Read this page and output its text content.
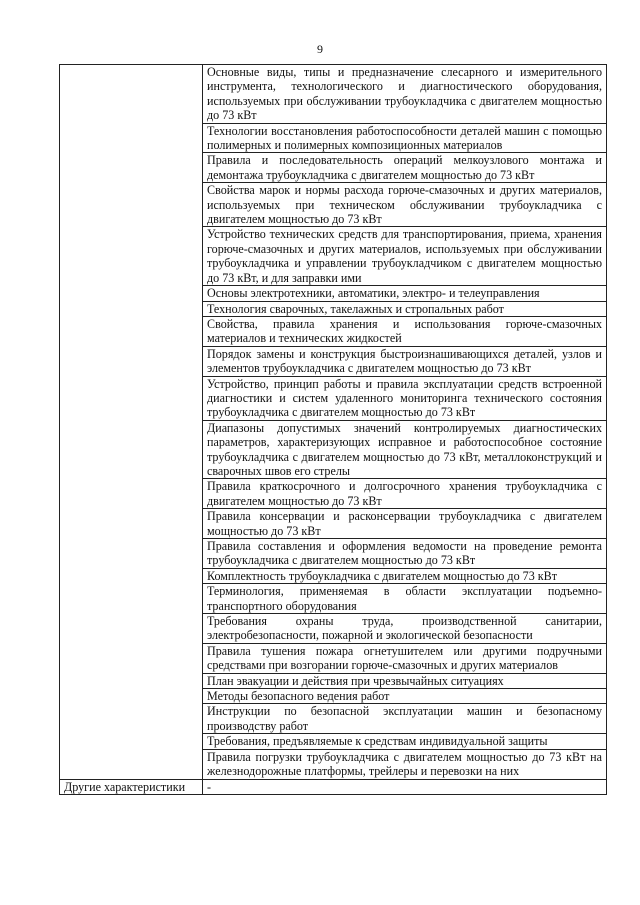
9

	Основные виды, типы и предназначение слесарного и измерительного инструмента, технологического и диагностического оборудования, используемых при обслуживании трубоукладчика с двигателем мощностью до 73 кВт

	Технологии восстановления работоспособности деталей машин с помощью полимерных и полимерных композиционных материалов

	Правила и последовательность операций мелкоузлового монтажа и демонтажа трубоукладчика с двигателем мощностью до 73 кВт

	Свойства марок и нормы расхода горюче-смазочных и других материалов, используемых при техническом обслуживании трубоукладчика с двигателем мощностью до 73 кВт

	Устройство технических средств для транспортирования, приема, хранения горюче-смазочных и других материалов, используемых при обслуживании трубоукладчика и управлении трубоукладчиком с двигателем мощностью до 73 кВт, и для заправки ими

	Основы электротехники, автоматики, электро- и телеуправления

	Технология сварочных, такелажных и стропальных работ

	Свойства, правила хранения и использования горюче-смазочных материалов и технических жидкостей

	Порядок замены и конструкция быстроизнашивающихся деталей, узлов и элементов трубоукладчика с двигателем мощностью до 73 кВт

	Устройство, принцип работы и правила эксплуатации средств встроенной диагностики и систем удаленного мониторинга технического состояния трубоукладчика с двигателем мощностью до 73 кВт

	Диапазоны допустимых значений контролируемых диагностических параметров, характеризующих исправное и работоспособное состояние трубоукладчика с двигателем мощностью до 73 кВт, металлоконструкций и сварочных швов его стрелы

	Правила краткосрочного и долгосрочного хранения трубоукладчика с двигателем мощностью до 73 кВт

	Правила консервации и расконсервации трубоукладчика с двигателем мощностью до 73 кВт

	Правила составления и оформления ведомости на проведение ремонта трубоукладчика с двигателем мощностью до 73 кВт

	Комплектность трубоукладчика с двигателем мощностью до 73 кВт

	Терминология, применяемая в области эксплуатации подъемно-транспортного оборудования

	Требования охраны труда, производственной санитарии, электробезопасности, пожарной и экологической безопасности

	Правила тушения пожара огнетушителем или другими подручными средствами при возгорании горюче-смазочных и других материалов

	План эвакуации и действия при чрезвычайных ситуациях

	Методы безопасного ведения работ

	Инструкции по безопасной эксплуатации машин и безопасному производству работ

	Требования, предъявляемые к средствам индивидуальной защиты

	Правила погрузки трубоукладчика с двигателем мощностью до 73 кВт на железнодорожные платформы, трейлеры и перевозки на них

Другие характеристики	-
